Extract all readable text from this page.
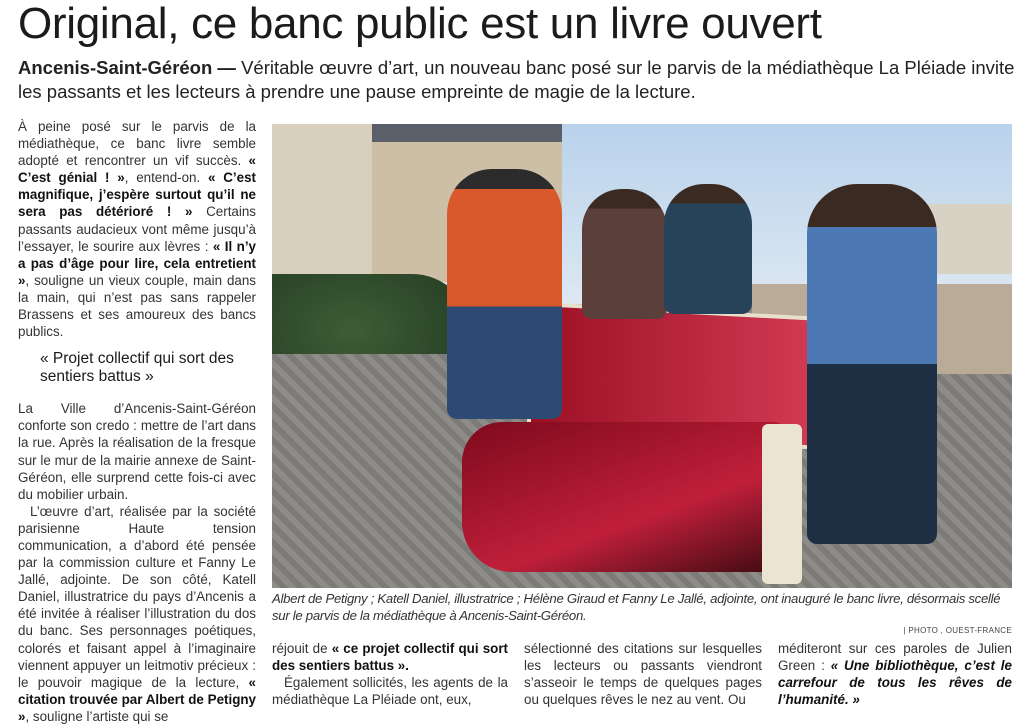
Original, ce banc public est un livre ouvert
Ancenis-Saint-Géréon — Véritable œuvre d’art, un nouveau banc posé sur le parvis de la médiathèque La Pléiade invite les passants et les lecteurs à prendre une pause empreinte de magie de la lecture.

À peine posé sur le parvis de la médiathèque, ce banc livre semble adopté et rencontrer un vif succès. « C’est génial ! », entend-on. « C’est magnifique, j’espère surtout qu’il ne sera pas détérioré ! » Certains passants audacieux vont même jusqu’à l’essayer, le sourire aux lèvres : « Il n’y a pas d’âge pour lire, cela entretient », souligne un vieux couple, main dans la main, qui n’est pas sans rappeler Brassens et ses amoureux des bancs publics.

« Projet collectif qui sort des sentiers battus »

La Ville d’Ancenis-Saint-Géréon conforte son credo : mettre de l’art dans la rue. Après la réalisation de la fresque sur le mur de la mairie annexe de Saint-Géréon, elle surprend cette fois-ci avec du mobilier urbain.

L’œuvre d’art, réalisée par la société parisienne Haute tension communication, a d’abord été pensée par la commission culture et Fanny Le Jallé, adjointe. De son côté, Katell Daniel, illustratrice du pays d’Ancenis a été invitée à réaliser l’illustration du dos du banc. Ses personnages poétiques, colorés et faisant appel à l’imaginaire viennent appuyer un leitmotiv précieux : le pouvoir magique de la lecture, « citation trouvée par Albert de Petigny », souligne l’artiste qui se

Albert de Petigny ; Katell Daniel, illustratrice ; Hélène Giraud et Fanny Le Jallé, adjointe, ont inauguré le banc livre, désormais scellé sur le parvis de la médiathèque à Ancenis-Saint-Géréon.
| PHOTO , OUEST-FRANCE

réjouit de « ce projet collectif qui sort des sentiers battus ».

Également sollicités, les agents de la médiathèque La Pléiade ont, eux,

sélectionné des citations sur lesquelles les lecteurs ou passants viendront s’asseoir le temps de quelques pages ou quelques rêves le nez au vent. Ou

méditeront sur ces paroles de Julien Green : « Une bibliothèque, c’est le carrefour de tous les rêves de l’humanité. »
